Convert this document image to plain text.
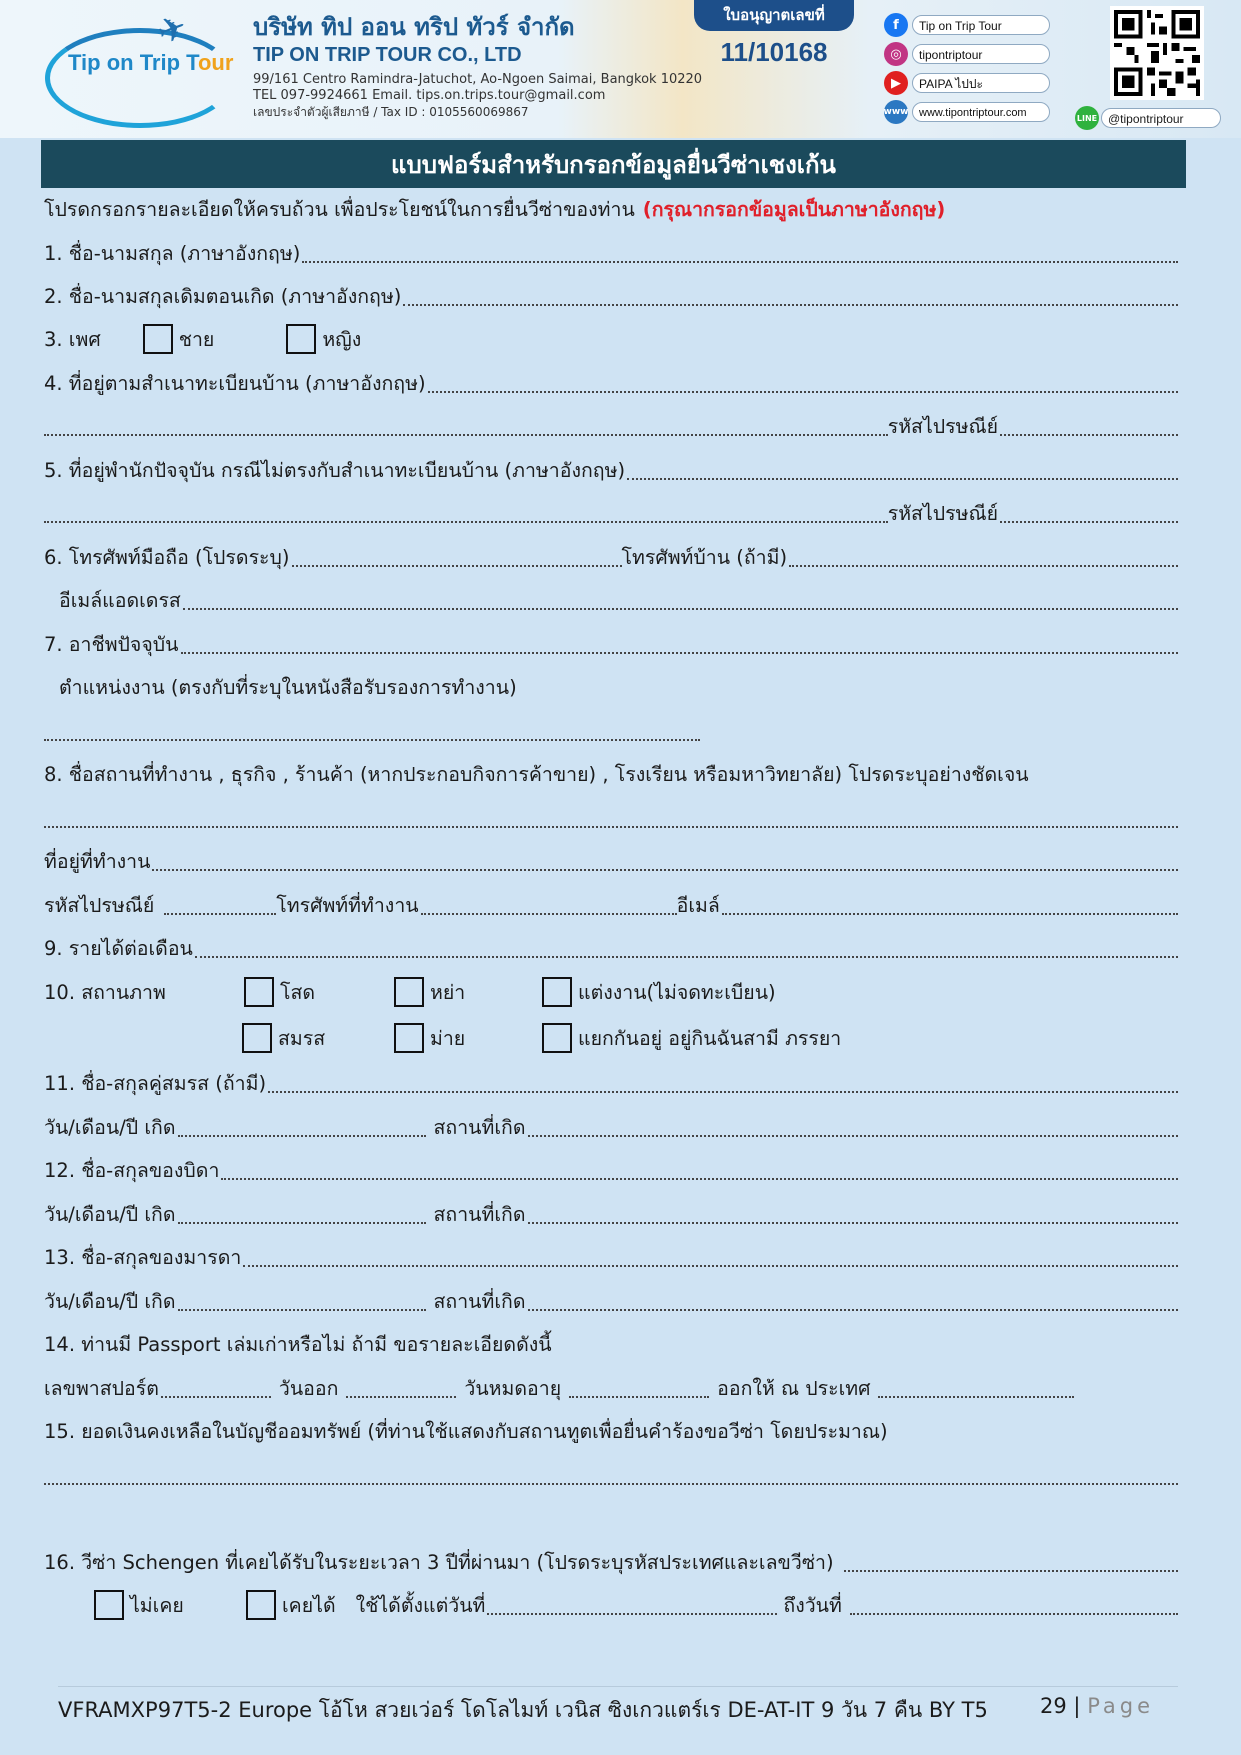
✈
Tip on Trip Tour
บริษัท ทิป ออน ทริป ทัวร์ จำกัด
TIP ON TRIP TOUR CO., LTD
99/161 Centro Ramindra-Jatuchot, Ao-Ngoen Saimai, Bangkok 10220
TEL 097-9924661 Email. tips.on.trips.tour@gmail.com
เลขประจำตัวผู้เสียภาษี / Tax ID : 0105560069867
ใบอนุญาตเลขที่
11/10168
f	Tip on Trip Tour
◎	tipontriptour
▶	PAIPA ไปปะ
www www.tipontriptour.com	LINE @tipontriptour
แบบฟอร์มสำหรับกรอกข้อมูลยื่นวีซ่าเชงเก้น
โปรดกรอกรายละเอียดให้ครบถ้วน เพื่อประโยชน์ในการยื่นวีซ่าของท่าน (กรุณากรอกข้อมูลเป็นภาษาอังกฤษ)
1. ชื่อ-นามสกุล (ภาษาอังกฤษ)
2. ชื่อ-นามสกุลเดิมตอนเกิด (ภาษาอังกฤษ)
3. เพศ	ชาย	หญิง
4. ที่อยู่ตามสำเนาทะเบียนบ้าน (ภาษาอังกฤษ)
รหัสไปรษณีย์
5. ที่อยู่พำนักปัจจุบัน กรณีไม่ตรงกับสำเนาทะเบียนบ้าน (ภาษาอังกฤษ)
รหัสไปรษณีย์
6. โทรศัพท์มือถือ (โปรดระบุ)	โทรศัพท์บ้าน (ถ้ามี)
อีเมล์แอดเดรส
7. อาชีพปัจจุบัน
ตำแหน่งงาน (ตรงกับที่ระบุในหนังสือรับรองการทำงาน)
8. ชื่อสถานที่ทำงาน , ธุรกิจ , ร้านค้า (หากประกอบกิจการค้าขาย) , โรงเรียน หรือมหาวิทยาลัย) โปรดระบุอย่างชัดเจน
ที่อยู่ที่ทำงาน
รหัสไปรษณีย์	โทรศัพท์ที่ทำงาน	อีเมล์
9. รายได้ต่อเดือน
10. สถานภาพ	โสด	หย่า	แต่งงาน(ไม่จดทะเบียน)
สมรส	ม่าย	แยกกันอยู่ อยู่กินฉันสามี ภรรยา
11. ชื่อ-สกุลคู่สมรส (ถ้ามี)
วัน/เดือน/ปี เกิด	สถานที่เกิด
12. ชื่อ-สกุลของบิดา
วัน/เดือน/ปี เกิด	สถานที่เกิด
13. ชื่อ-สกุลของมารดา
วัน/เดือน/ปี เกิด	สถานที่เกิด
14. ท่านมี Passport เล่มเก่าหรือไม่ ถ้ามี ขอรายละเอียดดังนี้
เลขพาสปอร์ต	วันออก	วันหมดอายุ	ออกให้ ณ ประเทศ
15. ยอดเงินคงเหลือในบัญชีออมทรัพย์ (ที่ท่านใช้แสดงกับสถานทูตเพื่อยื่นคำร้องขอวีซ่า โดยประมาณ)
16. วีซ่า Schengen ที่เคยได้รับในระยะเวลา 3 ปีที่ผ่านมา (โปรดระบุรหัสประเทศและเลขวีซ่า)
ไม่เคย	เคยได้ ใช้ได้ตั้งแต่วันที่	ถึงวันที่
VFRAMXP97T5-2 Europe โอ้โห สวยเว่อร์ โดโลไมท์ เวนิส ซิงเกวแตร์เร DE-AT-IT 9 วัน 7 คืน BY T5 29 | Page
